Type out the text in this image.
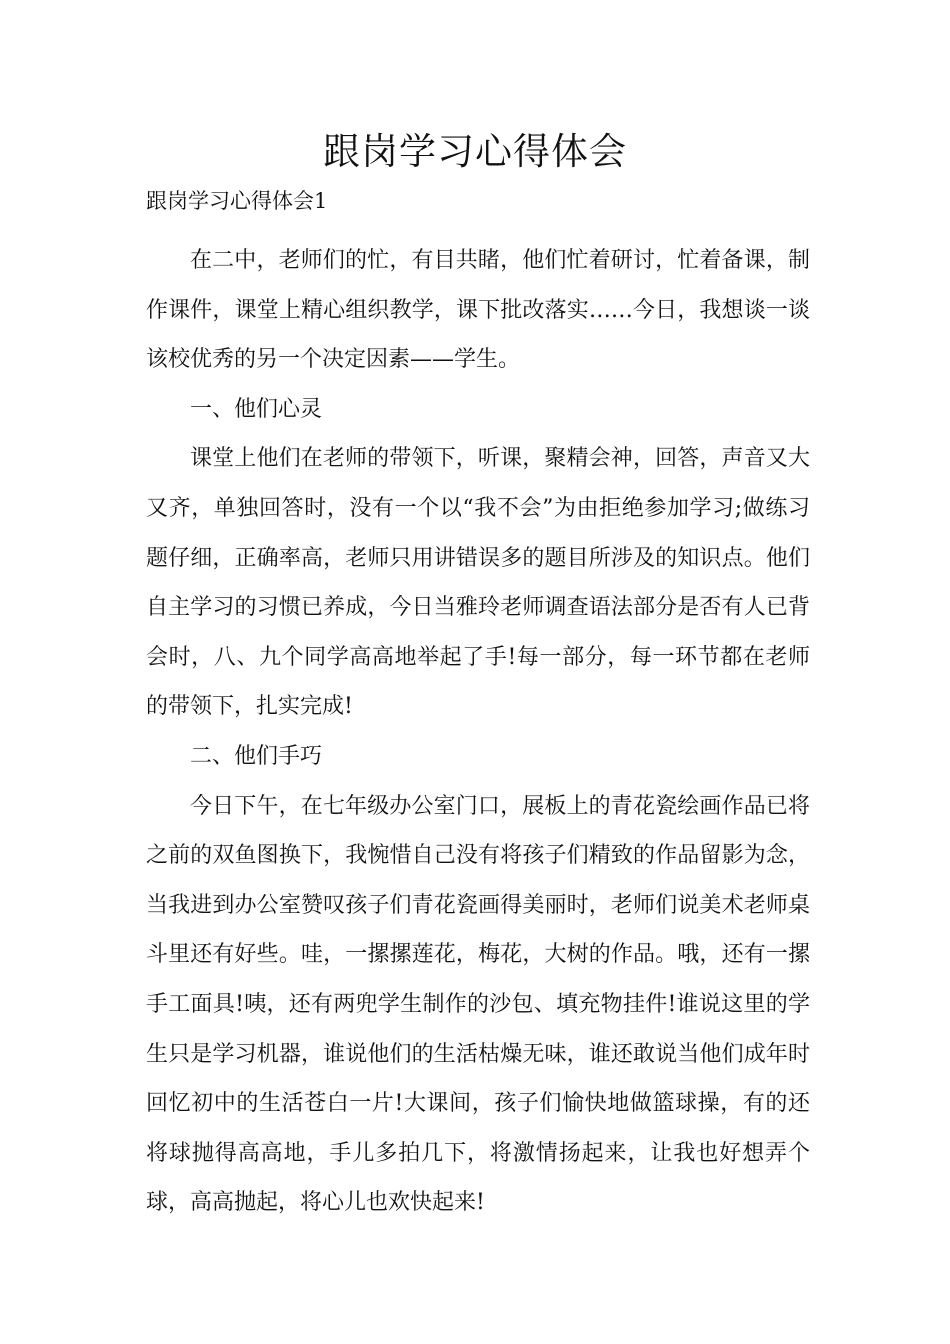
跟岗学习心得体会

跟岗学习心得体会1

在二中，老师们的忙，有目共睹，他们忙着研讨，忙着备课，制作课件，课堂上精心组织教学，课下批改落实……今日，我想谈一谈该校优秀的另一个决定因素——学生。

一、他们心灵

课堂上他们在老师的带领下，听课，聚精会神，回答，声音又大又齐，单独回答时，没有一个以“我不会”为由拒绝参加学习;做练习题仔细，正确率高，老师只用讲错误多的题目所涉及的知识点。他们自主学习的习惯已养成，今日当雅玲老师调查语法部分是否有人已背会时，八、九个同学高高地举起了手!每一部分，每一环节都在老师的带领下，扎实完成!

二、他们手巧

今日下午，在七年级办公室门口，展板上的青花瓷绘画作品已将之前的双鱼图换下，我惋惜自己没有将孩子们精致的作品留影为念，当我进到办公室赞叹孩子们青花瓷画得美丽时，老师们说美术老师桌斗里还有好些。哇，一摞摞莲花，梅花，大树的作品。哦，还有一摞手工面具!咦，还有两兜学生制作的沙包、填充物挂件!谁说这里的学生只是学习机器，谁说他们的生活枯燥无味，谁还敢说当他们成年时回忆初中的生活苍白一片!大课间，孩子们愉快地做篮球操，有的还将球抛得高高地，手儿多拍几下，将激情扬起来，让我也好想弄个球，高高抛起，将心儿也欢快起来!
